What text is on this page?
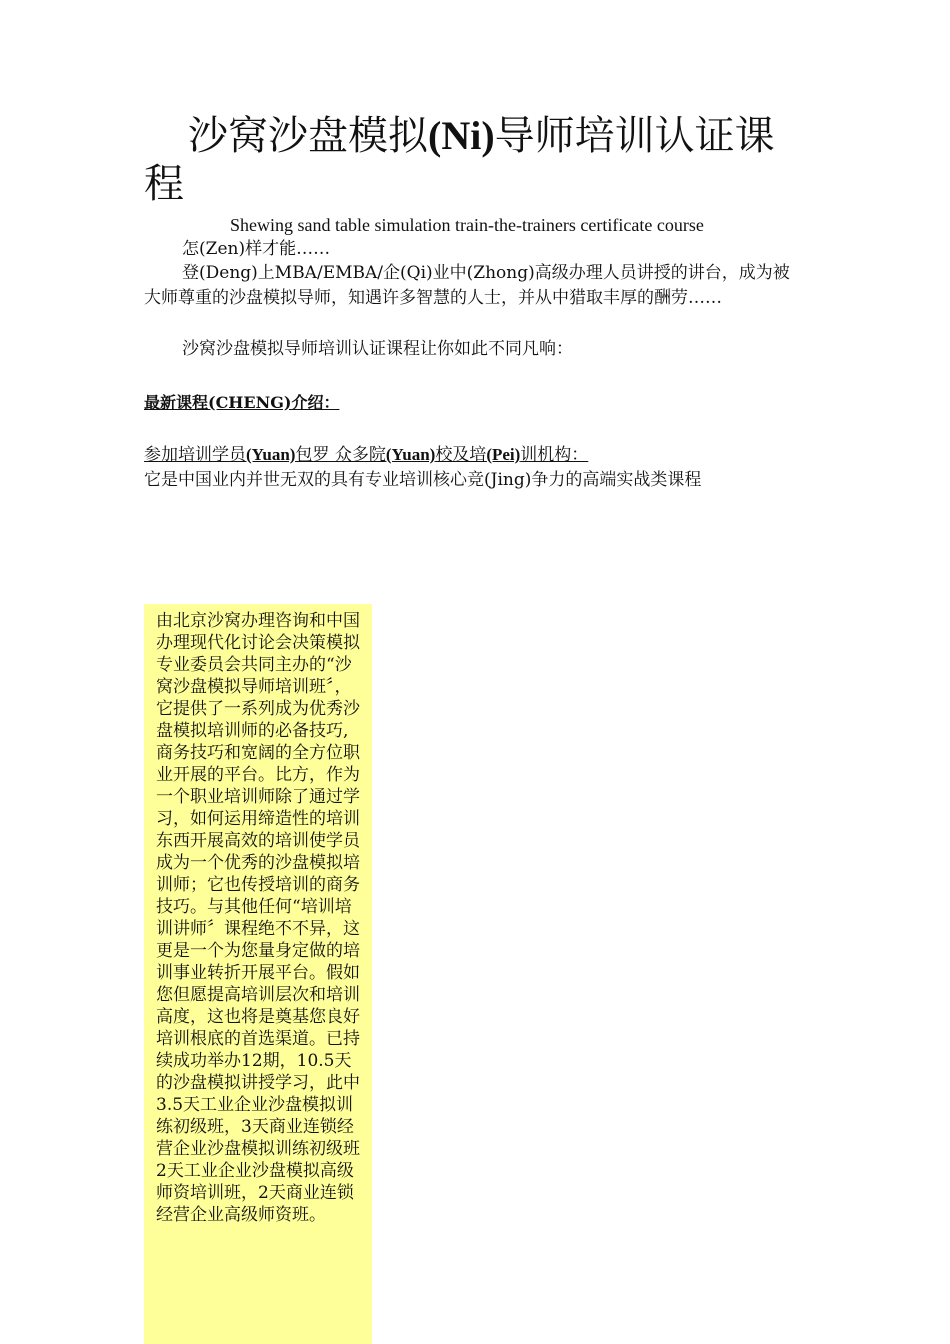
沙窝沙盘模拟(Ni)导师培训认证课程
Shewing sand table simulation train-the-trainers certificate course

怎(Zen)样才能……

登(Deng)上MBA/EMBA/企(Qi)业中(Zhong)高级办理人员讲授的讲台，成为被大师尊重的沙盘模拟导师，知遇许多智慧的人士，并从中猎取丰厚的酬劳……

沙窝沙盘模拟导师培训认证课程让你如此不同凡响：

最新课程(CHENG)介绍：
参加培训学员(Yuan)包罗 众多院(Yuan)校及培(Pei)训机构：
它是中国业内并世无双的具有专业培训核心竞(Jing)争力的高端实战类课程

由北京沙窝办理咨询和中国办理现代化讨论会决策模拟专业委员会共同主办的“沙窝沙盘模拟导师培训班〞，它提供了一系列成为优秀沙盘模拟培训师的必备技巧,商务技巧和宽阔的全方位职业开展的平台。比方，作为一个职业培训师除了通过学习，如何运用缔造性的培训东西开展高效的培训使学员成为一个优秀的沙盘模拟培训师；它也传授培训的商务技巧。与其他任何“培训培训讲师〞课程绝不不异，这更是一个为您量身定做的培训事业转折开展平台。假如您但愿提高培训层次和培训高度，这也将是奠基您良好培训根底的首选渠道。已持续成功举办12期，10.5天的沙盘模拟讲授学习，此中3.5天工业企业沙盘模拟训练初级班，3天商业连锁经营企业沙盘模拟训练初级班2天工业企业沙盘模拟高级师资培训班，2天商业连锁经营企业高级师资班。
